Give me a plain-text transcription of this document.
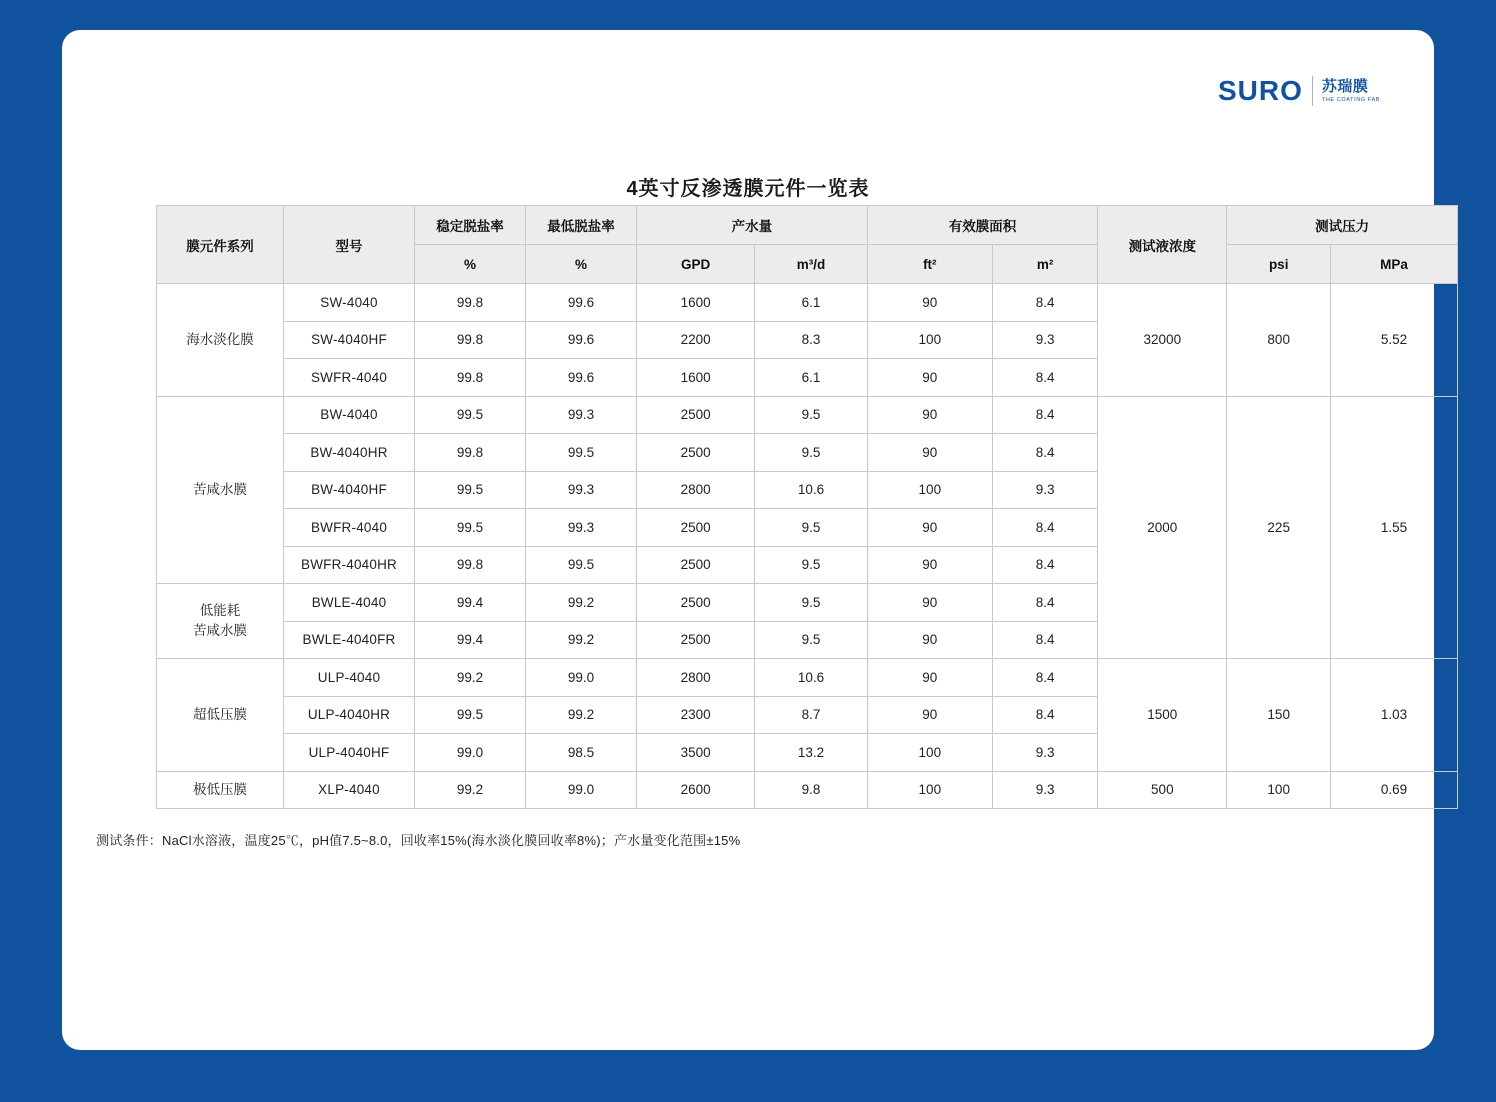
SURO 苏瑞膜
THE COATING FAB
4英寸反渗透膜元件一览表
膜元件系列	型号	稳定脱盐率	最低脱盐率	产水量		有效膜面积		测试液浓度	测试压力	
		%	%	GPD	m³/d	ft²	m²		psi	MPa
海水淡化膜	SW-4040	99.8	99.6	1600	6.1	90	8.4	32000	800	5.52
	SW-4040HF	99.8	99.6	2200	8.3	100	9.3			
	SWFR-4040	99.8	99.6	1600	6.1	90	8.4			
苦咸水膜	BW-4040	99.5	99.3	2500	9.5	90	8.4	2000	225	1.55
	BW-4040HR	99.8	99.5	2500	9.5	90	8.4			
	BW-4040HF	99.5	99.3	2800	10.6	100	9.3			
	BWFR-4040	99.5	99.3	2500	9.5	90	8.4			
	BWFR-4040HR	99.8	99.5	2500	9.5	90	8.4			
低能耗
苦咸水膜	BWLE-4040	99.4	99.2	2500	9.5	90	8.4			
	BWLE-4040FR	99.4	99.2	2500	9.5	90	8.4			
超低压膜	ULP-4040	99.2	99.0	2800	10.6	90	8.4	1500	150	1.03
	ULP-4040HR	99.5	99.2	2300	8.7	90	8.4			
	ULP-4040HF	99.0	98.5	3500	13.2	100	9.3			
极低压膜	XLP-4040	99.2	99.0	2600	9.8	100	9.3	500	100	0.69
测试条件：NaCl水溶液，温度25℃，pH值7.5~8.0，回收率15%(海水淡化膜回收率8%)；产水量变化范围±15%
